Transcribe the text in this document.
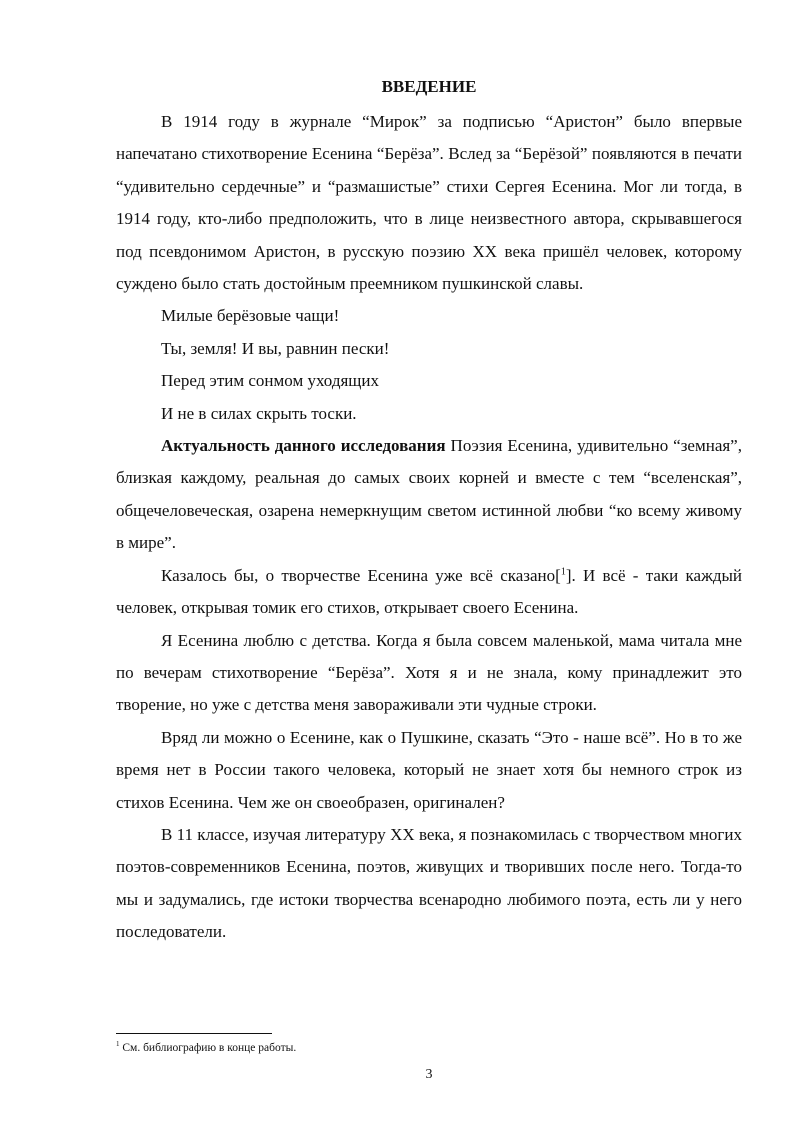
ВВЕДЕНИЕ

В 1914 году в журнале “Мирок” за подписью “Аристон” было впервые напечатано стихотворение Есенина “Берёза”. Вслед за “Берёзой” появляются в печати “удивительно сердечные” и “размашистые” стихи Сергея Есенина. Мог ли тогда, в 1914 году, кто-либо предположить, что в лице неизвестного автора, скрывавшегося под псевдонимом Аристон, в русскую поэзию XX века пришёл человек, которому суждено было стать достойным преемником пушкинской славы.

Милые берёзовые чащи!

Ты, земля! И вы, равнин пески!

Перед этим сонмом уходящих

И не в силах скрыть тоски.

Актуальность данного исследования Поэзия Есенина, удивительно “земная”, близкая каждому, реальная до самых своих корней и вместе с тем “вселенская”, общечеловеческая, озарена немеркнущим светом истинной любви “ко всему живому в мире”.

Казалось бы, о творчестве Есенина уже всё сказано[$^1$]. И всё - таки каждый человек, открывая томик его стихов, открывает своего Есенина.

Я Есенина люблю с детства. Когда я была совсем маленькой, мама читала мне по вечерам стихотворение “Берёза”. Хотя я и не знала, кому принадлежит это творение, но уже с детства меня завораживали эти чудные строки.

Вряд ли можно о Есенине, как о Пушкине, сказать “Это - наше всё”. Но в то же время нет в России такого человека, который не знает хотя бы немного строк из стихов Есенина. Чем же он своеобразен, оригинален?

В 11 классе, изучая литературу XX века, я познакомилась с творчеством многих поэтов-современников Есенина, поэтов, живущих и творивших после него. Тогда-то мы и задумались, где истоки творчества всенародно любимого поэта, есть ли у него последователи.

$^1$ См. библиографию в конце работы.
3
